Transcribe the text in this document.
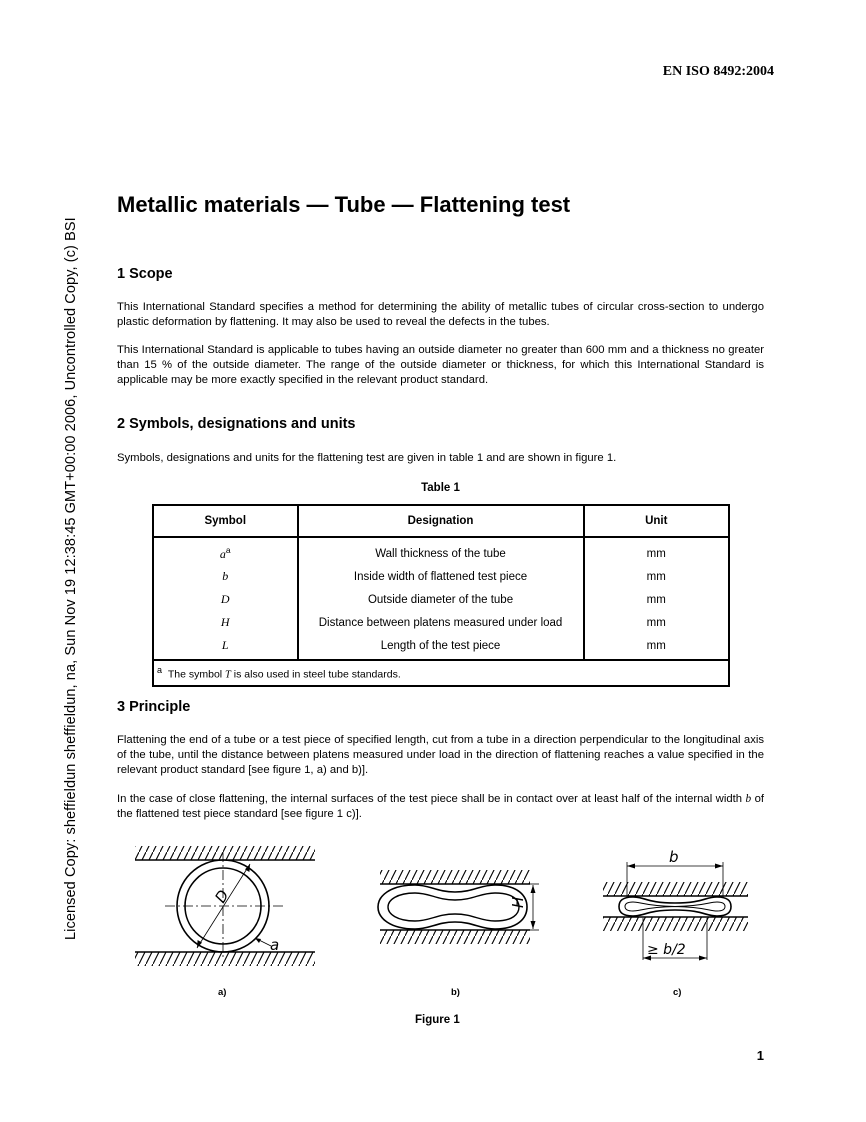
EN ISO 8492:2004
Licensed Copy: sheffieldun sheffieldun, na, Sun Nov 19 12:38:45 GMT+00:00 2006, Uncontrolled Copy, (c) BSI
Metallic materials — Tube — Flattening test
1 Scope

This International Standard specifies a method for determining the ability of metallic tubes of circular cross-section to undergo plastic deformation by flattening. It may also be used to reveal the defects in the tubes.

This International Standard is applicable to tubes having an outside diameter no greater than 600 mm and a thickness no greater than 15 % of the outside diameter. The range of the outside diameter or thickness, for which this International Standard is applicable may be more exactly specified in the relevant product standard.

2 Symbols, designations and units

Symbols, designations and units for the flattening test are given in table 1 and are shown in figure 1.

Table 1
Symbol	Designation	Unit
$a^a$	Wall thickness of the tube	mm
b	Inside width of flattened test piece	mm
D	Outside diameter of the tube	mm
H	Distance between platens measured under load	mm
L	Length of the test piece	mm
a The symbol T is also used in steel tube standards.		
3 Principle

Flattening the end of a tube or a test piece of specified length, cut from a tube in a direction perpendicular to the longitudinal axis of the tube, until the distance between platens measured under load in the direction of flattening reaches a value specified in the relevant product standard [see figure 1, a) and b)].

In the case of close flattening, the internal surfaces of the test piece shall be in contact over at least half of the internal width b of the flattened test piece standard [see figure 1 c)].

D
a
H
b
≥ b/2
a)	b)	c)
Figure 1
1
